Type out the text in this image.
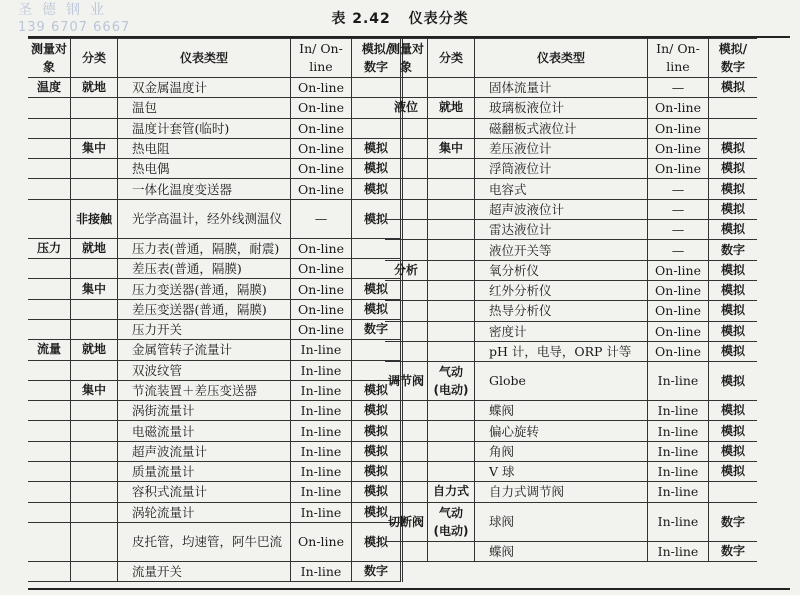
圣德钢业
139 6707 6667
表 2.42 仪表分类
测量对象	分类	仪表类型	In/ On-line	模拟/ 数字
温度	就地	双金属温度计	On-line	
		温包	On-line	
		温度计套管(临时)	On-line	
	集中	热电阻	On-line	模拟
		热电偶	On-line	模拟
		一体化温度变送器	On-line	模拟
	非接触	光学高温计，经外线测温仪	—	模拟
压力	就地	压力表(普通，隔膜，耐震)	On-line	
		差压表(普通，隔膜)	On-line	
	集中	压力变送器(普通，隔膜)	On-line	模拟
		差压变送器(普通，隔膜)	On-line	模拟
		压力开关	On-line	数字
流量	就地	金属管转子流量计	In-line	
		双波纹管	In-line	
	集中	节流装置＋差压变送器	In-line	模拟
		涡街流量计	In-line	模拟
		电磁流量计	In-line	模拟
		超声波流量计	In-line	模拟
		质量流量计	In-line	模拟
		容积式流量计	In-line	模拟
		涡轮流量计	In-line	模拟
		皮托管，均速管，阿牛巴流	On-line	模拟
		流量开关	In-line	数字
测量对象	分类	仪表类型	In/ On-line	模拟/ 数字
		固体流量计	—	模拟
液位	就地	玻璃板液位计	On-line	
		磁翻板式液位计	On-line	
	集中	差压液位计	On-line	模拟
		浮筒液位计	On-line	模拟
		电容式	—	模拟
		超声波液位计	—	模拟
		雷达液位计	—	模拟
		液位开关等	—	数字
分析		氧分析仪	On-line	模拟
		红外分析仪	On-line	模拟
		热导分析仪	On-line	模拟
		密度计	On-line	模拟
		pH 计，电导，ORP 计等	On-line	模拟
调节阀	气动 (电动)	Globe	In-line	模拟
		蝶阀	In-line	模拟
		偏心旋转	In-line	模拟
		角阀	In-line	模拟
		V 球	In-line	模拟
	自力式	自力式调节阀	In-line	
切断阀	气动 (电动)	球阀	In-line	数字
		蝶阀	In-line	数字
